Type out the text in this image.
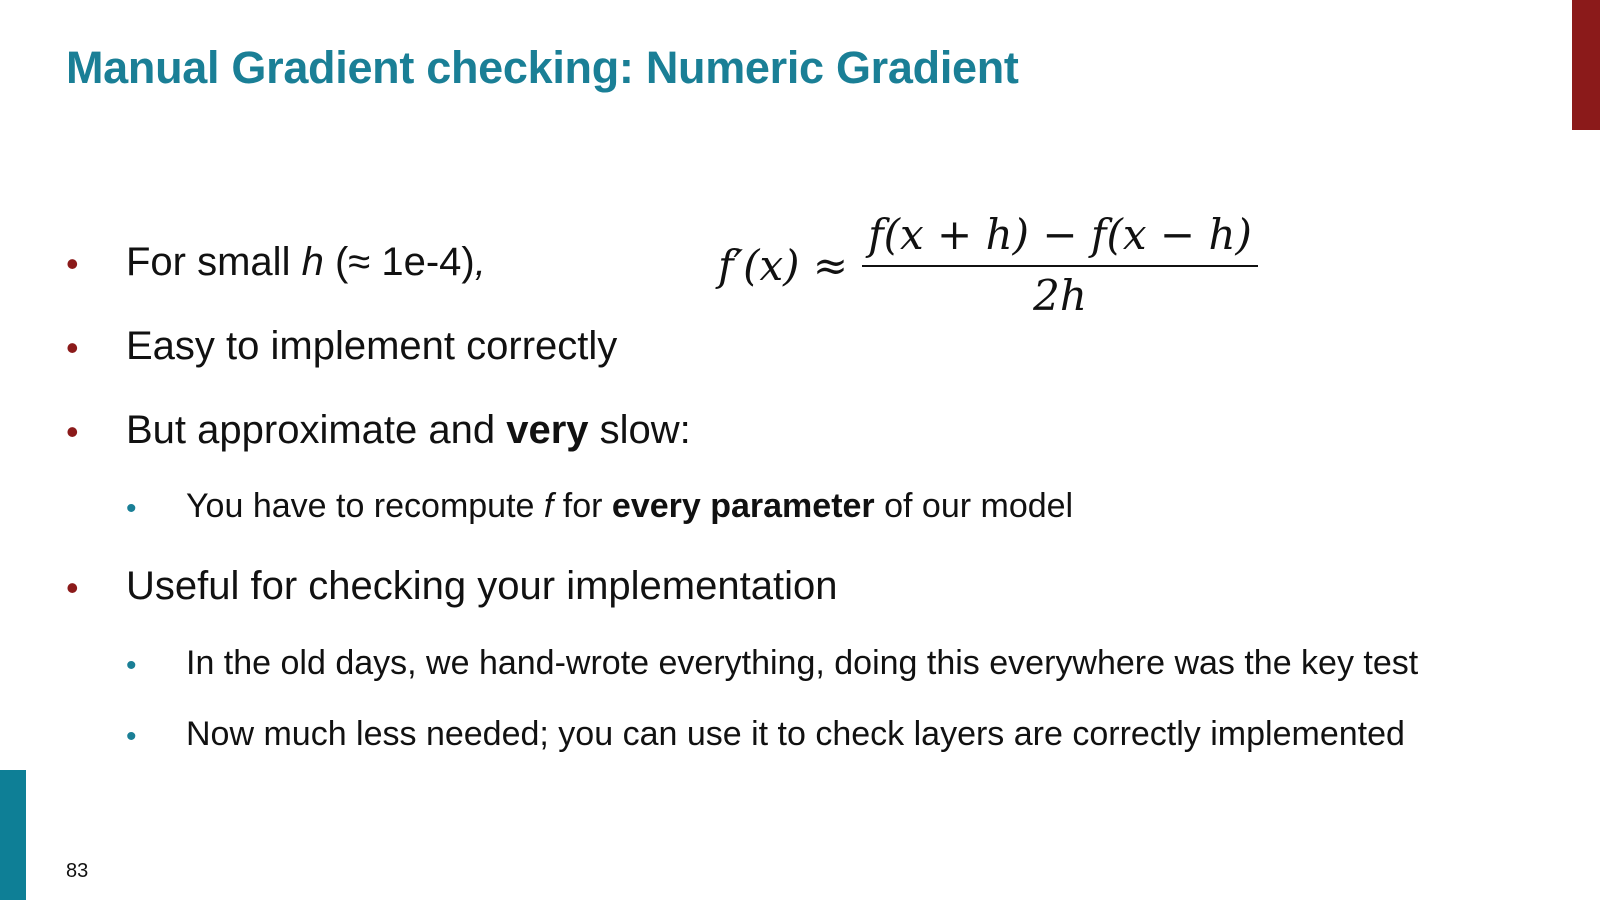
Manual Gradient checking: Numeric Gradient
• For small h (≈ 1e-4),	$f'(x) \approx \frac{f(x + h) - f(x - h)}{2h}$
• Easy to implement correctly

• But approximate and very slow:

• You have to recompute f for every parameter of our model

• Useful for checking your implementation

• In the old days, we hand-wrote everything, doing this everywhere was the key test

• Now much less needed; you can use it to check layers are correctly implemented

83
